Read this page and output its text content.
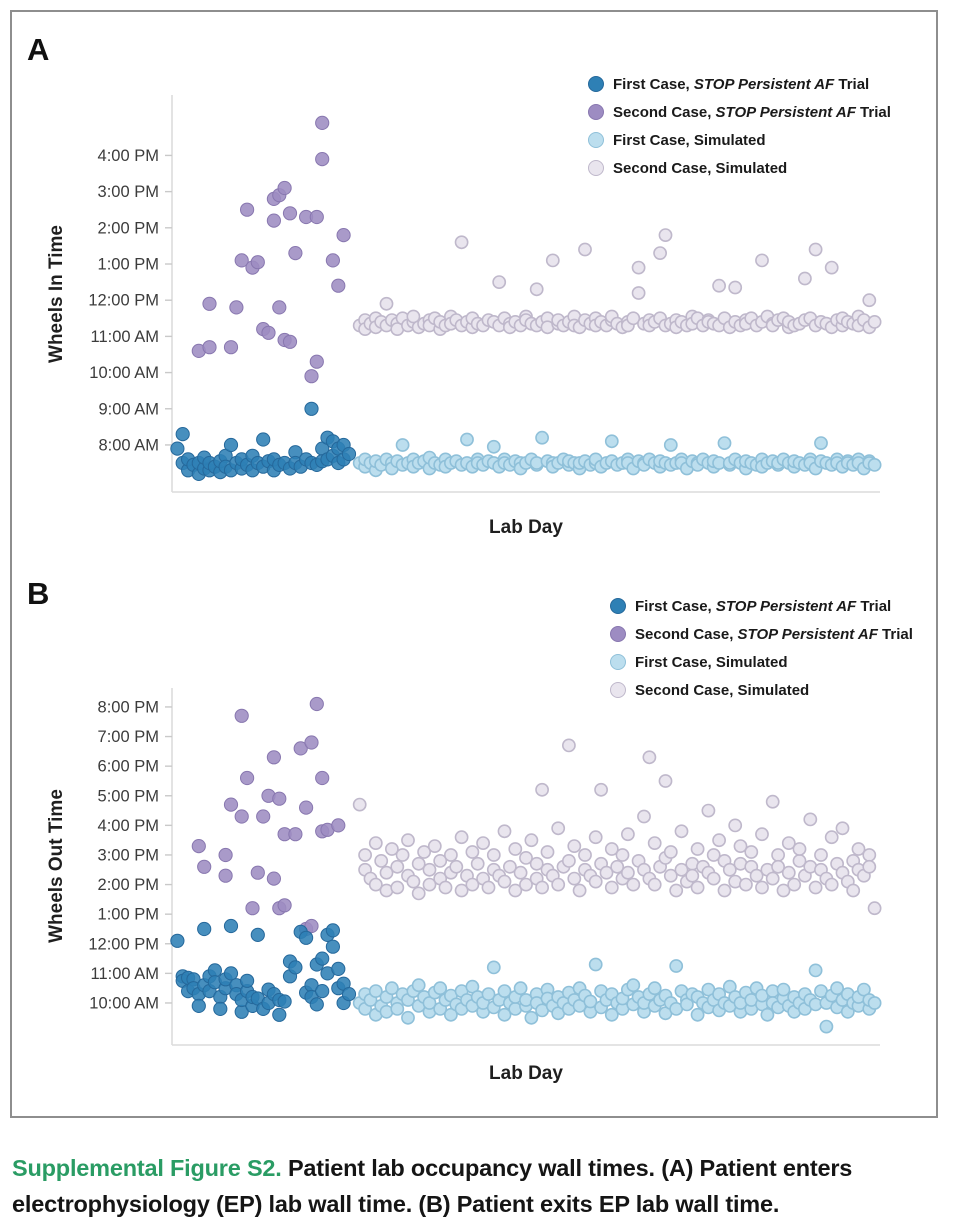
8:00 AM
9:00 AM
10:00 AM
11:00 AM
12:00 PM
1:00 PM
2:00 PM
3:00 PM
4:00 PM
10:00 AM
11:00 AM
12:00 PM
1:00 PM
2:00 PM
3:00 PM
4:00 PM
5:00 PM
6:00 PM
7:00 PM
8:00 PM
A
B
First Case, STOP Persistent AF Trial
Second Case, STOP Persistent AF Trial
First Case, Simulated
Second Case, Simulated
First Case, STOP Persistent AF Trial
Second Case, STOP Persistent AF Trial
First Case, Simulated
Second Case, Simulated
Wheels In Time
Wheels Out Time
Lab Day
Lab Day
Supplemental Figure S2. Patient lab occupancy wall times. (A) Patient enters electrophysiology (EP) lab wall time. (B) Patient exits EP lab wall time.
